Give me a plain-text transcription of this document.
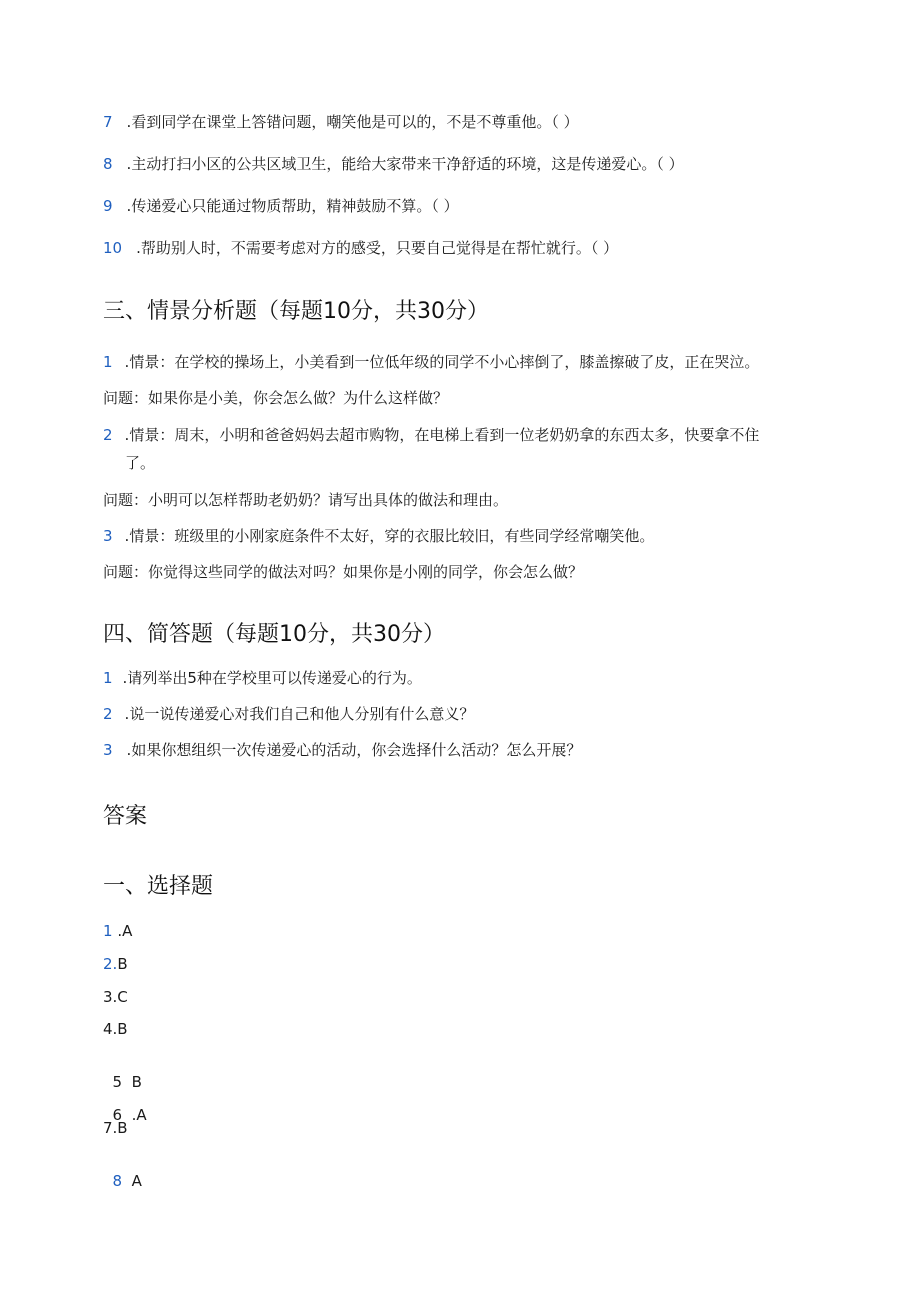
7 .看到同学在课堂上答错问题，嘲笑他是可以的，不是不尊重他。（ ）
8 .主动打扫小区的公共区域卫生，能给大家带来干净舒适的环境，这是传递爱心。（ ）
9 .传递爱心只能通过物质帮助，精神鼓励不算。（ ）
10 .帮助别人时，不需要考虑对方的感受，只要自己觉得是在帮忙就行。（ ）
三、情景分析题（每题10分，共30分）
1 .情景：在学校的操场上，小美看到一位低年级的同学不小心摔倒了，膝盖擦破了皮，正在哭泣。
问题：如果你是小美，你会怎么做？为什么这样做？
2 .情景：周末，小明和爸爸妈妈去超市购物，在电梯上看到一位老奶奶拿的东西太多，快要拿不住
了。
问题：小明可以怎样帮助老奶奶？请写出具体的做法和理由。
3 .情景：班级里的小刚家庭条件不太好，穿的衣服比较旧，有些同学经常嘲笑他。
问题：你觉得这些同学的做法对吗？如果你是小刚的同学，你会怎么做？
四、简答题（每题10分，共30分）
1 .请列举出5种在学校里可以传递爱心的行为。
2 .说一说传递爱心对我们自己和他人分别有什么意义？
3 .如果你想组织一次传递爱心的活动，你会选择什么活动？怎么开展？
答案
一、选择题
1 .A
2.B
3.C
4.B

5  B

6  .A

7.B

8  A
